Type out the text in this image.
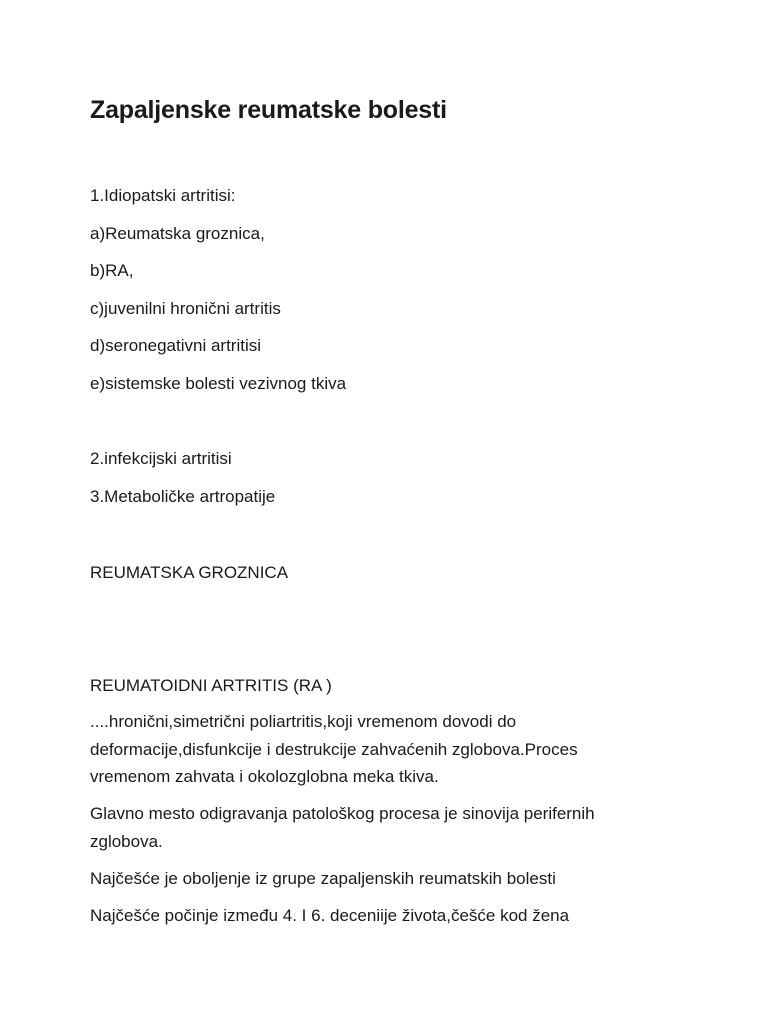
Zapaljenske reumatske bolesti
1.Idiopatski artritisi:
a)Reumatska groznica,
b)RA,
c)juvenilni hronični artritis
d)seronegativni artritisi
e)sistemske bolesti vezivnog tkiva
2.infekcijski artritisi
3.Metaboličke artropatije
REUMATSKA GROZNICA
REUMATOIDNI ARTRITIS (RA )
....hronični,simetrični poliartritis,koji vremenom dovodi do
deformacije,disfunkcije i destrukcije zahvaćenih zglobova.Proces
vremenom zahvata i okolozglobna meka tkiva.
Glavno mesto odigravanja patološkog procesa je sinovija perifernih
zglobova.
Najčešće je oboljenje iz grupe zapaljenskih reumatskih bolesti
Najčešće počinje između 4. I 6. deceniije života,češće kod žena
